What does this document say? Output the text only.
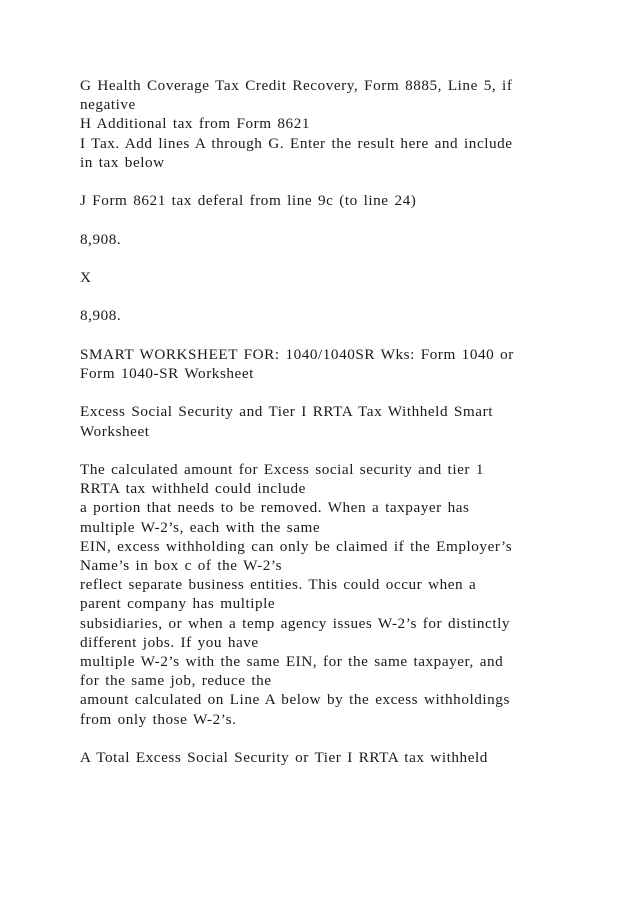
G Health Coverage Tax Credit Recovery, Form 8885, Line 5, if
negative
H Additional tax from Form 8621
I Tax. Add lines A through G. Enter the result here and include
in tax below
J Form 8621 tax deferal from line 9c (to line 24)
8,908.
X
8,908.
SMART WORKSHEET FOR: 1040/1040SR Wks: Form 1040 or
Form 1040-SR Worksheet
Excess Social Security and Tier I RRTA Tax Withheld Smart
Worksheet
The calculated amount for Excess social security and tier 1
RRTA tax withheld could include
a portion that needs to be removed. When a taxpayer has
multiple W-2’s, each with the same
EIN, excess withholding can only be claimed if the Employer’s
Name’s in box c of the W-2’s
reflect separate business entities. This could occur when a
parent company has multiple
subsidiaries, or when a temp agency issues W-2’s for distinctly
different jobs. If you have
multiple W-2’s with the same EIN, for the same taxpayer, and
for the same job, reduce the
amount calculated on Line A below by the excess withholdings
from only those W-2’s.
A Total Excess Social Security or Tier I RRTA tax withheld
